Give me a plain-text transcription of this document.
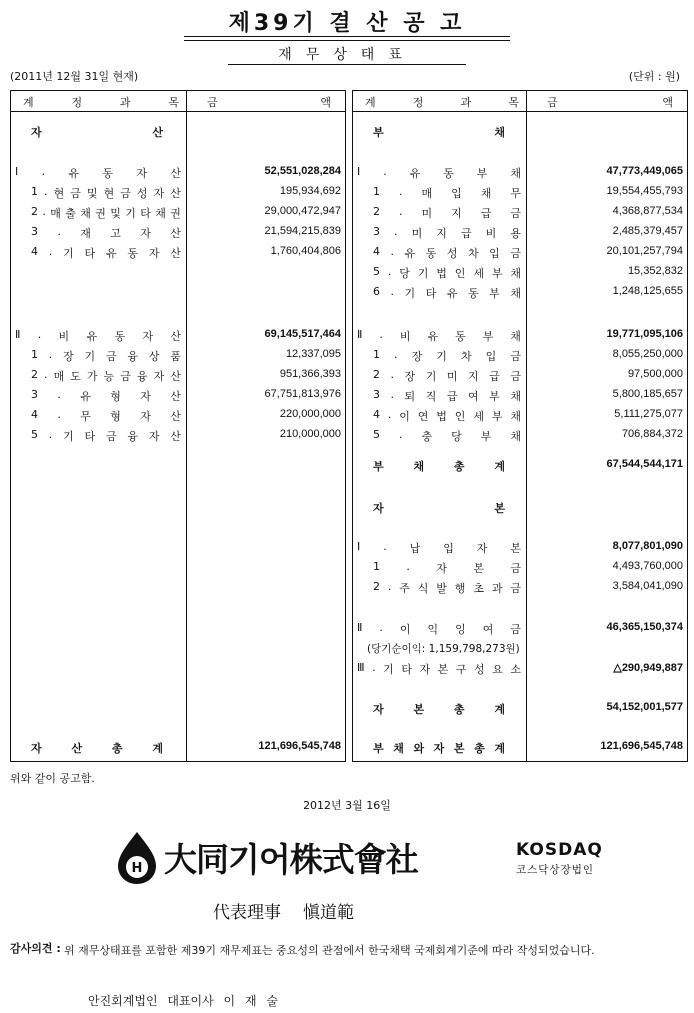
제39기 결 산 공 고
재무상태표
(2011년 12월 31일 현재)	(단위 : 원)
계	정	과	목	금	액
자	산
Ⅰ . 유 동 자 산	52,551,028,284
1 . 현 금 및 현 금 성 자 산	195,934,692
2 . 매 출 채 권 및 기 타 채 권	29,000,472,947
3 . 재 고 자 산	21,594,215,839
4 . 기 타 유 동 자 산	1,760,404,806
Ⅱ . 비 유 동 자 산	69,145,517,464
1 . 장 기 금 융 상 품	12,337,095
2 . 매 도 가 능 금 융 자 산	951,366,393
3 . 유 형 자 산	67,751,813,976
4 . 무 형 자 산	220,000,000
5 . 기 타 금 융 자 산	210,000,000
자	산	총	계	121,696,545,748
계	정	과	목	금	액
부	채
Ⅰ . 유 동 부 채	47,773,449,065
1 . 매 입 채 무	19,554,455,793
2 . 미 지 급 금	4,368,877,534
3 . 미 지 급 비 용	2,485,379,457
4 . 유 동 성 차 입 금	20,101,257,794
5 . 당 기 법 인 세 부 채	15,352,832
6 . 기 타 유 동 부 채	1,248,125,655
Ⅱ . 비 유 동 부 채	19,771,095,106
1 . 장 기 차 입 금	8,055,250,000
2 . 장 기 미 지 급 금	97,500,000
3 . 퇴 직 급 여 부 채	5,800,185,657
4 . 이 연 법 인 세 부 채	5,111,275,077
5 . 충 당 부 채	706,884,372
부	채	총	계	67,544,544,171
자	본
Ⅰ . 납 입 자 본	8,077,801,090
1 . 자 본 금	4,493,760,000
2 . 주 식 발 행 초 과 금	3,584,041,090
Ⅱ . 이 익 잉 여 금	46,365,150,374
(당기순이익: 1,159,798,273원)
Ⅲ . 기 타 자 본 구 성 요 소	△290,949,887
자	본	총	계	54,152,001,577
부 채 와 자 본 총 계	121,696,545,748
위와 같이 공고함.
2012년 3월 16일
H 大同기어株式會社	KOSDAQ
코스닥상장법인
代表理事 愼道範
감사의견 : 위 재무상태표를 포함한 제39기 재무제표는 중요성의 관점에서 한국채택 국제회계기준에 따라 작성되었습니다.
안진회계법인 대표이사 이 재 술
